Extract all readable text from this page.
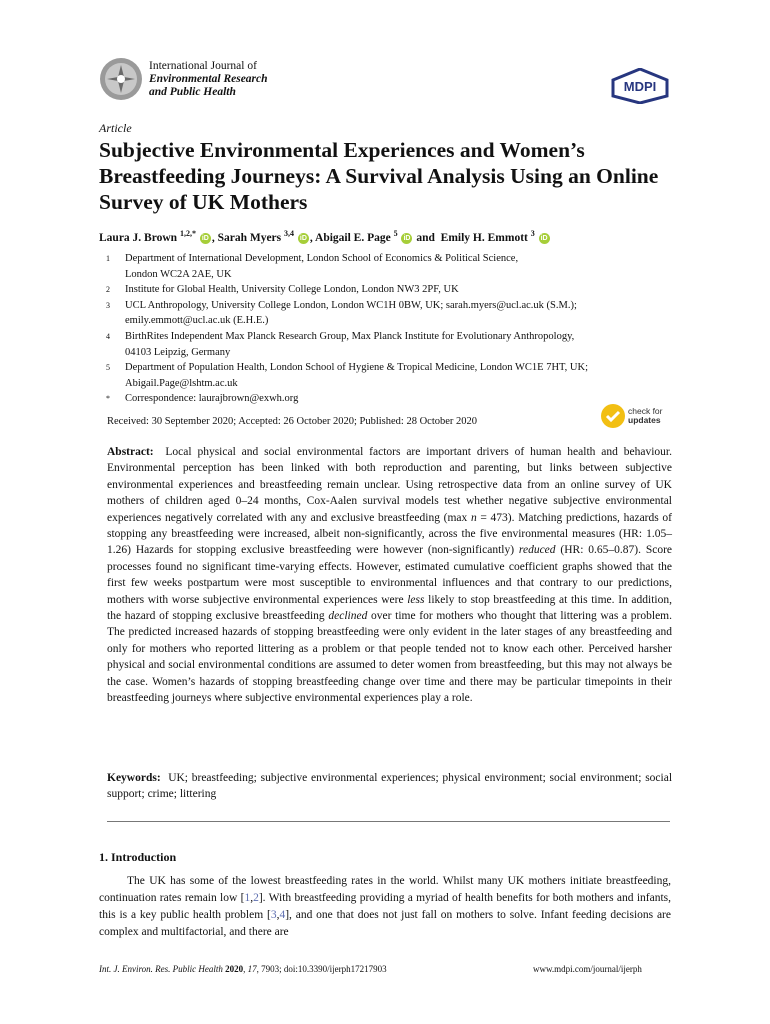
International Journal of
Environmental Research
and Public Health	MDPI
Article
Subjective Environmental Experiences and Women’s Breastfeeding Journeys: A Survival Analysis Using an Online Survey of UK Mothers
Laura J. Brown $^{1,2,*}$ iD , Sarah Myers $^{3,4}$ iD , Abigail E. Page $^5$ iD and  Emily H. Emmott $^3$ iD
1	Department of International Development, London School of Economics & Political Science,
London WC2A 2AE, UK
2	Institute for Global Health, University College London, London NW3 2PF, UK
3	UCL Anthropology, University College London, London WC1H 0BW, UK; sarah.myers@ucl.ac.uk (S.M.);
emily.emmott@ucl.ac.uk (E.H.E.)
4	BirthRites Independent Max Planck Research Group, Max Planck Institute for Evolutionary Anthropology,
04103 Leipzig, Germany
5	Department of Population Health, London School of Hygiene & Tropical Medicine, London WC1E 7HT, UK;
Abigail.Page@lshtm.ac.uk
*	Correspondence: laurajbrown@exwh.org
Received: 30 September 2020; Accepted: 26 October 2020; Published: 28 October 2020
check for
updates

Abstract: Local physical and social environmental factors are important drivers of human health and behaviour. Environmental perception has been linked with both reproduction and parenting, but links between subjective environmental experiences and breastfeeding remain unclear. Using retrospective data from an online survey of UK mothers of children aged 0–24 months, Cox-Aalen survival models test whether negative subjective environmental experiences negatively correlated with any and exclusive breastfeeding (max n = 473). Matching predictions, hazards of stopping any breastfeeding were increased, albeit non-significantly, across the five environmental measures (HR: 1.05–1.26) Hazards for stopping exclusive breastfeeding were however (non-significantly) reduced (HR: 0.65–0.87). Score processes found no significant time-varying effects. However, estimated cumulative coefficient graphs showed that the first few weeks postpartum were most susceptible to environmental influences and that contrary to our predictions, mothers with worse subjective environmental experiences were less likely to stop breastfeeding at this time. In addition, the hazard of stopping exclusive breastfeeding declined over time for mothers who thought that littering was a problem. The predicted increased hazards of stopping breastfeeding were only evident in the later stages of any breastfeeding and only for mothers who reported littering as a problem or that people tended not to know each other. Perceived harsher physical and social environmental conditions are assumed to deter women from breastfeeding, but this may not always be the case. Women’s hazards of stopping breastfeeding change over time and there may be particular timepoints in their breastfeeding journeys where subjective environmental experiences play a role.

Keywords: UK; breastfeeding; subjective environmental experiences; physical environment; social environment; social support; crime; littering

1. Introduction

The UK has some of the lowest breastfeeding rates in the world. Whilst many UK mothers initiate breastfeeding, continuation rates remain low [1,2]. With breastfeeding providing a myriad of health benefits for both mothers and infants, this is a key public health problem [3,4], and one that does not just fall on mothers to solve. Infant feeding decisions are complex and multifactorial, and there are

Int. J. Environ. Res. Public Health 2020, 17, 7903; doi:10.3390/ijerph17217903	www.mdpi.com/journal/ijerph
